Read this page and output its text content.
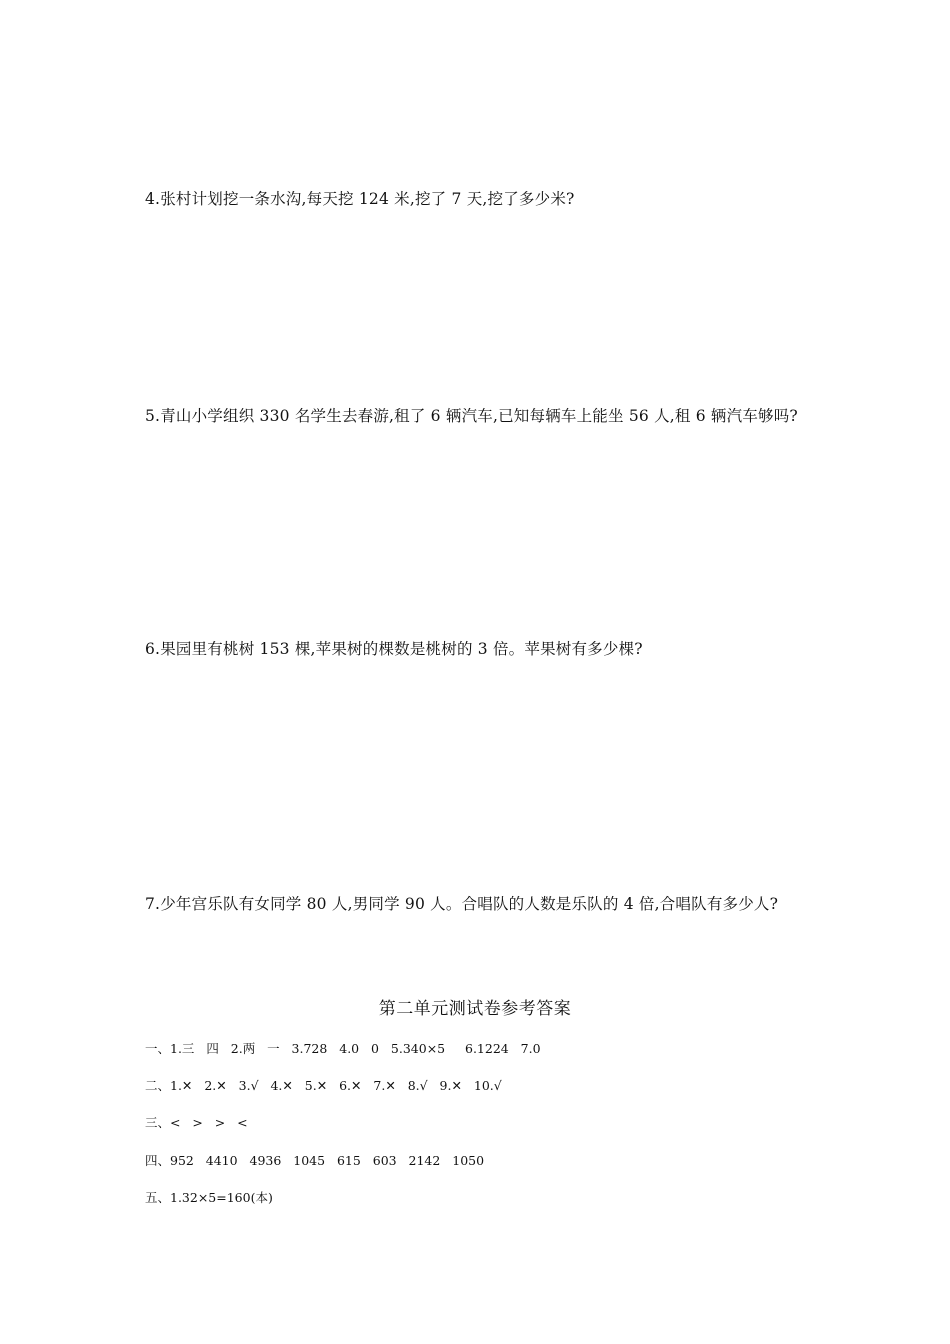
4.张村计划挖一条水沟,每天挖 124 米,挖了 7 天,挖了多少米?
5.青山小学组织 330 名学生去春游,租了 6 辆汽车,已知每辆车上能坐 56 人,租 6 辆汽车够吗?
6.果园里有桃树 153 棵,苹果树的棵数是桃树的 3 倍。苹果树有多少棵?
7.少年宫乐队有女同学 80 人,男同学 90 人。合唱队的人数是乐队的 4 倍,合唱队有多少人?
第二单元测试卷参考答案
一、1.三   四   2.两   一   3.728   4.0   0   5.340×5     6.1224   7.0
二、1.✕   2.✕   3.√   4.✕   5.✕   6.✕   7.✕   8.√   9.✕   10.√
三、<   >   >   <
四、952   4410   4936   1045   615   603   2142   1050
五、1.32×5=160(本)
